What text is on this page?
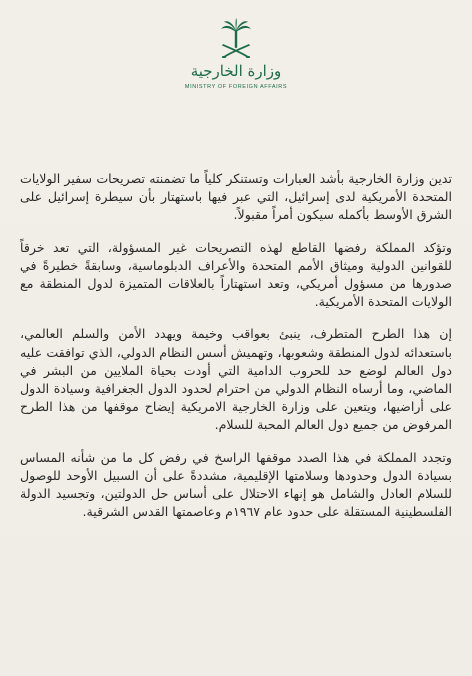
وزارة الخارجية
MINISTRY OF FOREIGN AFFAIRS

تدين وزارة الخارجية بأشد العبارات وتستنكر كلياً ما تضمنته تصريحات سفير الولايات المتحدة الأمريكية لدى إسرائيل، التي عبر فيها باستهتار بأن سيطرة إسرائيل على الشرق الأوسط بأكمله سيكون أمراً مقبولاً.

وتؤكد المملكة رفضها القاطع لهذه التصريحات غير المسؤولة، التي تعد خرقاً للقوانين الدولية وميثاق الأمم المتحدة والأعراف الدبلوماسية، وسابقةً خطيرةً في صدورها من مسؤول أمريكي، وتعد استهتاراً بالعلاقات المتميزة لدول المنطقة مع الولايات المتحدة الأمريكية.

إن هذا الطرح المتطرف، ينبئ بعواقب وخيمة ويهدد الأمن والسلم العالمي، باستعدائه لدول المنطقة وشعوبها، وتهميش أسس النظام الدولي، الذي توافقت عليه دول العالم لوضع حد للحروب الدامية التي أودت بحياة الملايين من البشر في الماضي، وما أرساه النظام الدولي من احترام لحدود الدول الجغرافية وسيادة الدول على أراضيها، ويتعين على وزارة الخارجية الامريكية إيضاح موقفها من هذا الطرح المرفوض من جميع دول العالم المحبة للسلام.

وتجدد المملكة في هذا الصدد موقفها الراسخ في رفض كل ما من شأنه المساس بسيادة الدول وحدودها وسلامتها الإقليمية، مشددةً على أن السبيل الأوحد للوصول للسلام العادل والشامل هو إنهاء الاحتلال على أساس حل الدولتين، وتجسيد الدولة الفلسطينية المستقلة على حدود عام ١٩٦٧م وعاصمتها القدس الشرقية.
